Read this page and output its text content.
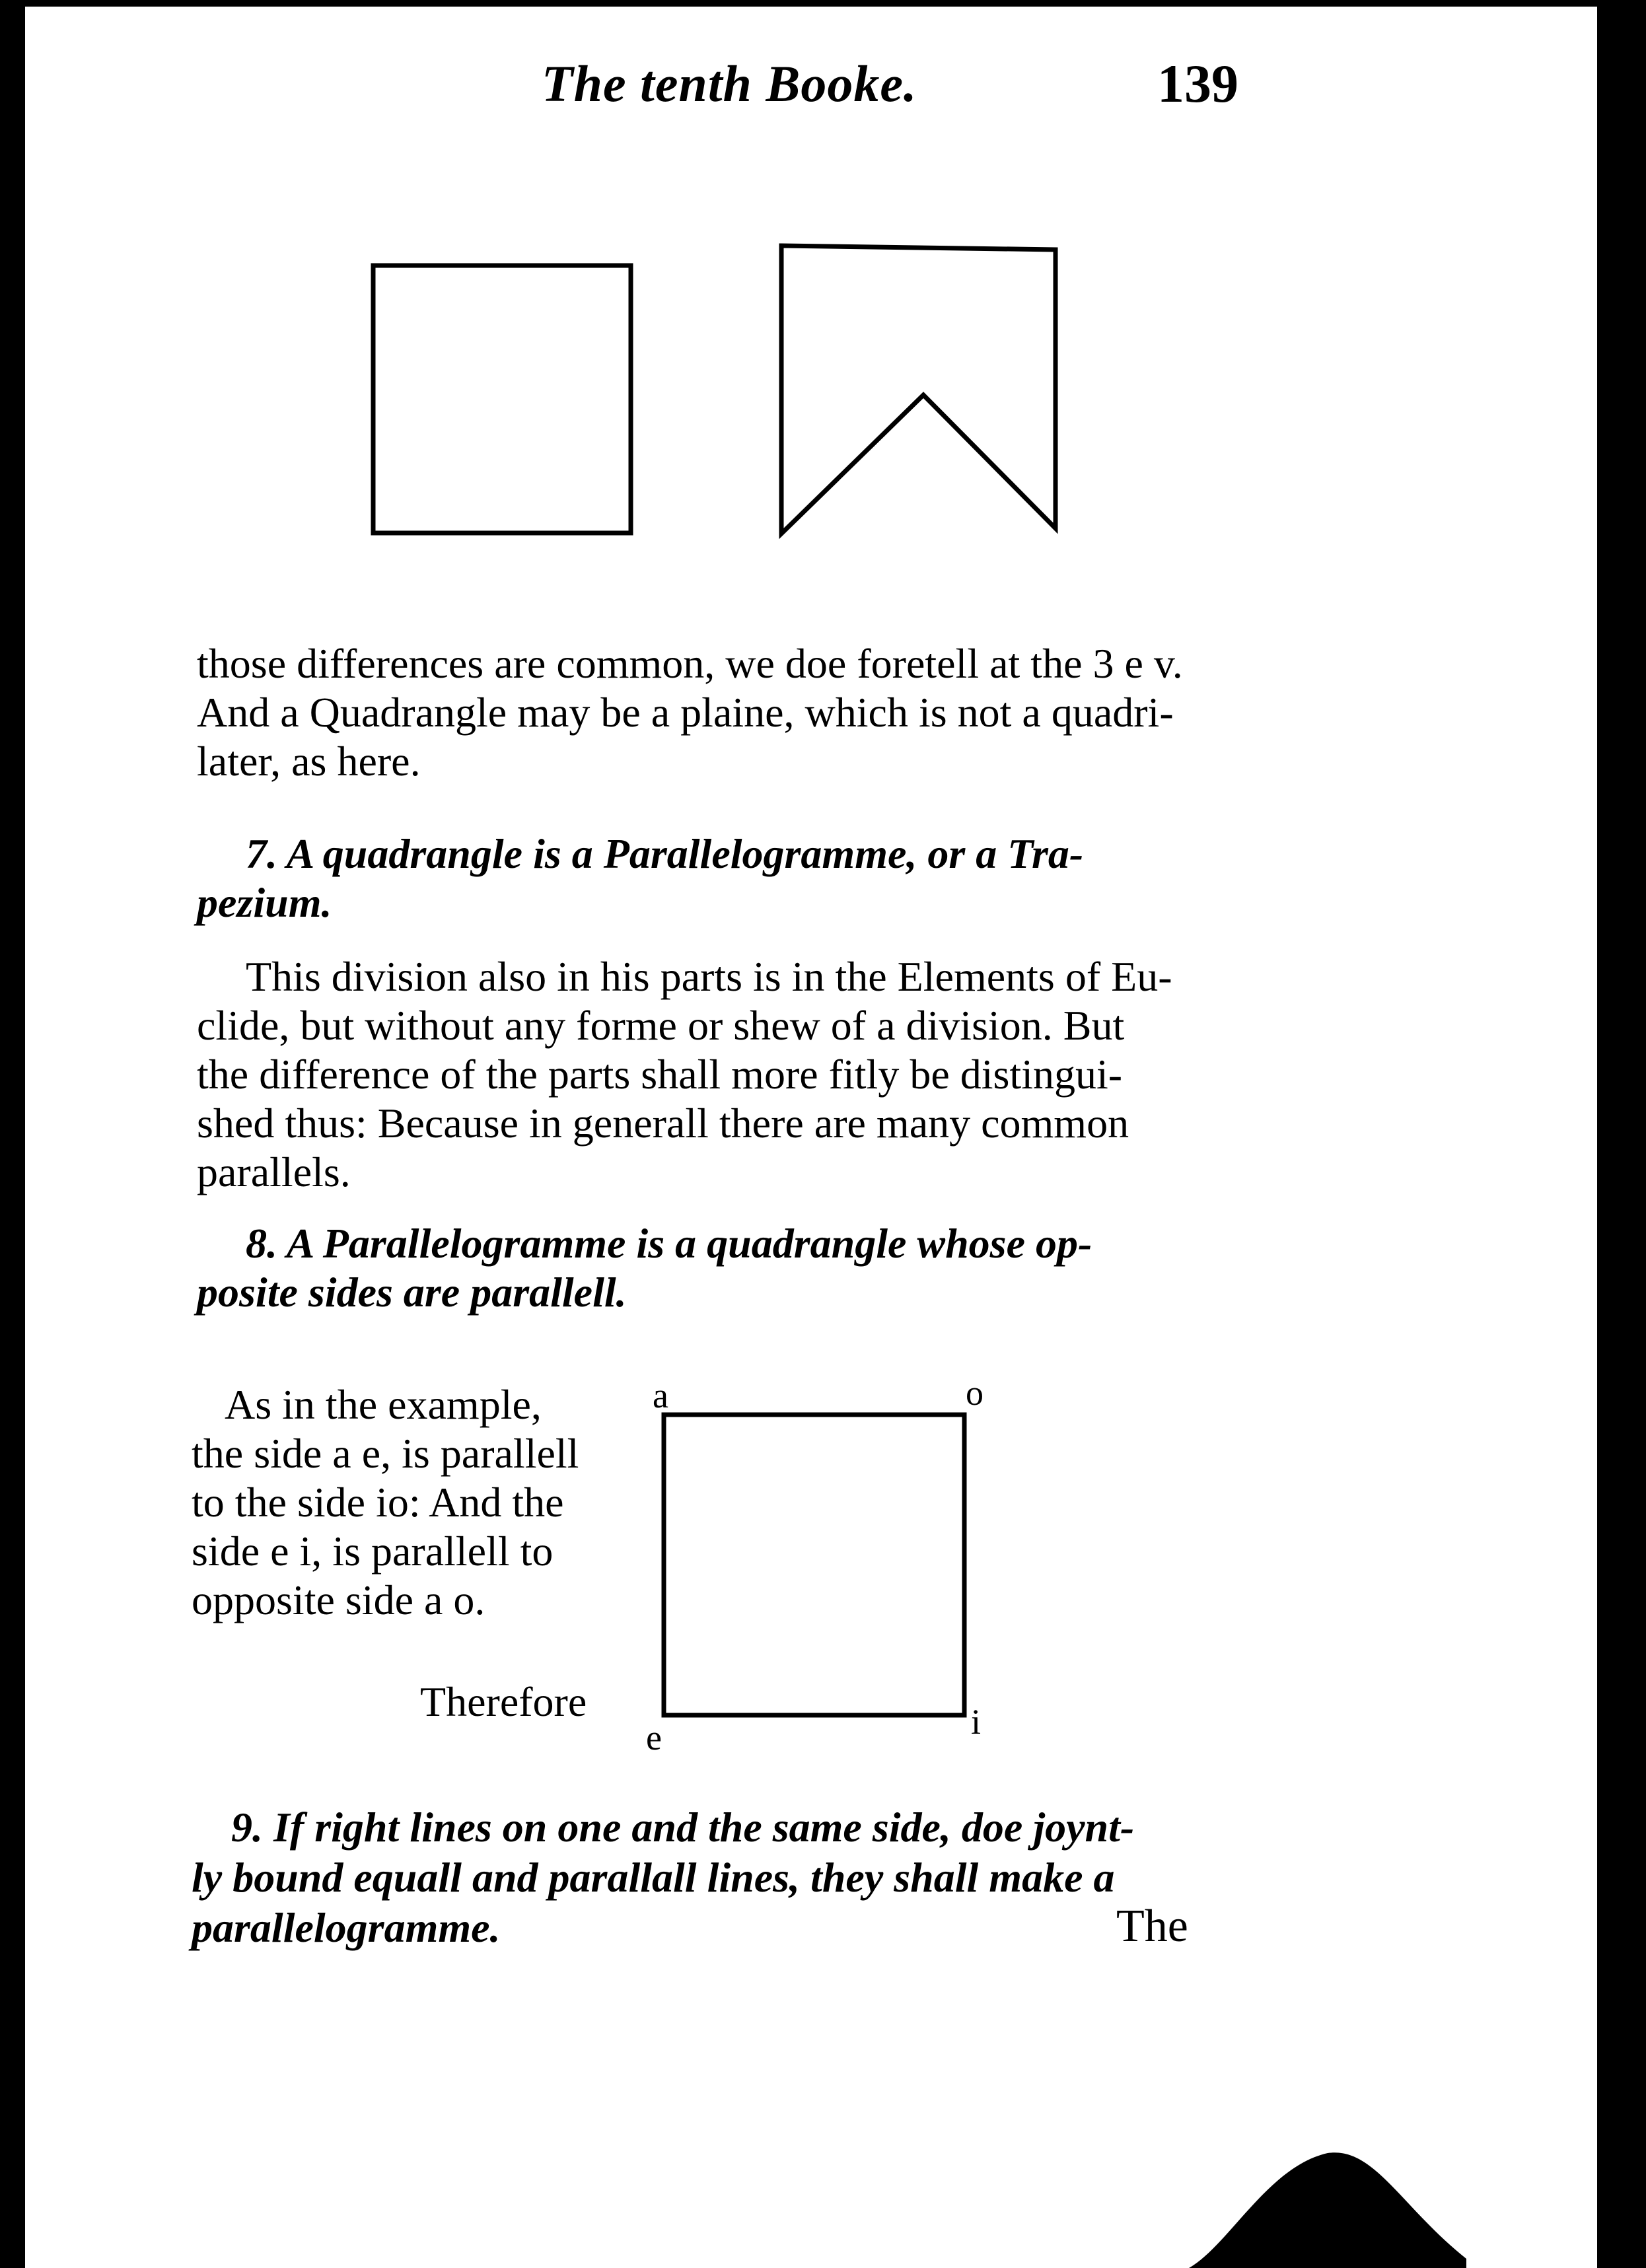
The tenth Booke.	139
those differences are common, we doe foretell at the 3 e v.
And a Quadrangle may be a plaine, which is not a quadri-
later, as here.
7. A quadrangle is a Parallelogramme, or a Tra-
pezium.
This division also in his parts is in the Elements of Eu-
clide, but without any forme or shew of a division. But
the difference of the parts shall more fitly be distingui-
shed thus: Because in generall there are many common
parallels.
8. A Parallelogramme is a quadrangle whose op-
posite sides are parallell.
As in the example,
the side a e, is parallell
to the side io: And the
side e i, is parallell to
opposite side a o.
Therefore
a	o
e	i
9. If right lines on one and the same side, doe joynt-
ly bound equall and parallall lines, they shall make a
parallelogramme.	The
